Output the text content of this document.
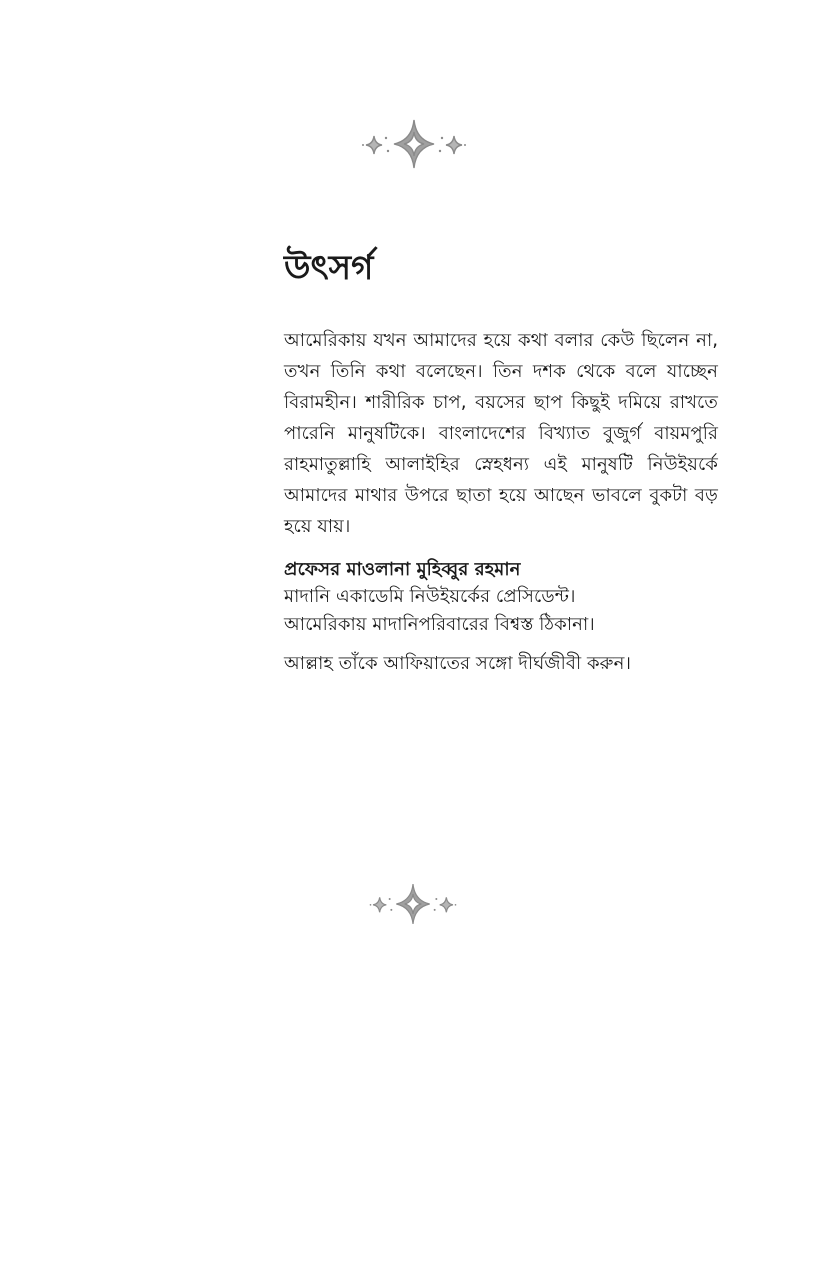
উৎসর্গ

আমেরিকায় যখন আমাদের হয়ে কথা বলার কেউ ছিলেন না, তখন তিনি কথা বলেছেন। তিন দশক থেকে বলে যাচ্ছেন বিরামহীন। শারীরিক চাপ, বয়সের ছাপ কিছুই দমিয়ে রাখতে পারেনি মানুষটিকে। বাংলাদেশের বিখ্যাত বুজুর্গ বায়মপুরি রাহমাতুল্লাহি আলাইহির স্নেহধন্য এই মানুষটি নিউইয়র্কে আমাদের মাথার উপরে ছাতা হয়ে আছেন ভাবলে বুকটা বড় হয়ে যায়।

প্রফেসর মাওলানা মুহিব্বুর রহমান
মাদানি একাডেমি নিউইয়র্কের প্রেসিডেন্ট।
আমেরিকায় মাদানিপরিবারের বিশ্বস্ত ঠিকানা।

আল্লাহ তাঁকে আফিয়াতের সঙ্গো দীর্ঘজীবী করুন।
